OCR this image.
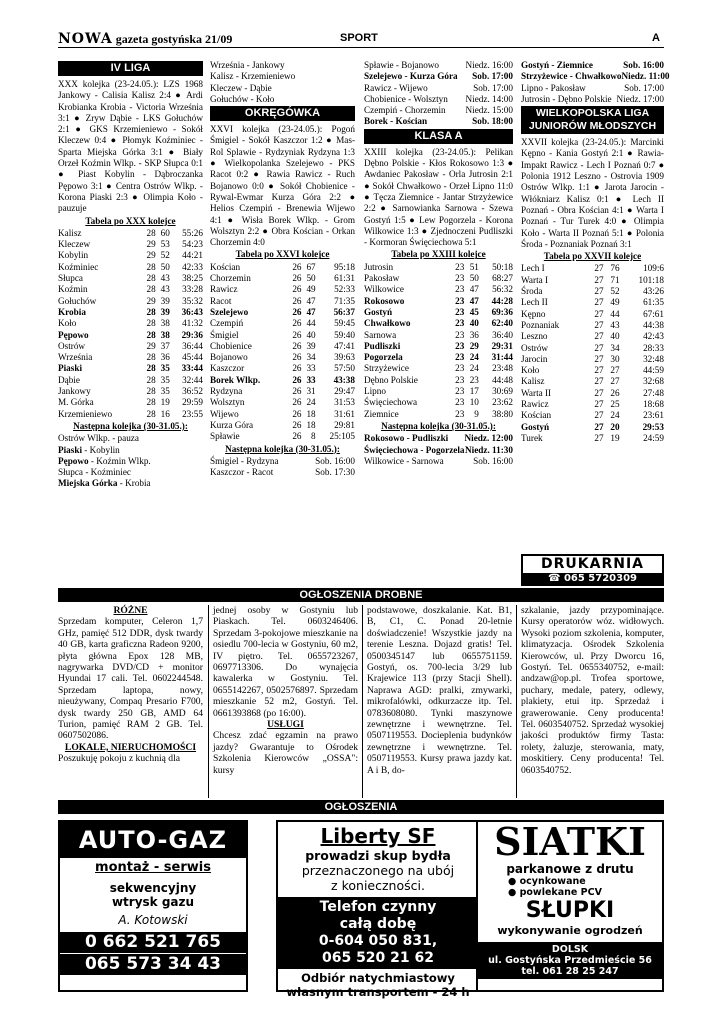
NOWA gazeta gostyńska 21/09	SPORT	A
IV LIGA
XXX kolejka (23-24.05.): LZS 1968 Jankowy - Calisia Kalisz 2:4 ● Ardi Krobianka Krobia - Victoria Września 3:1 ● Zryw Dąbie - LKS Gołuchów 2:1 ● GKS Krzemieniewo - Sokół Kleczew 0:4 ● Płomyk Koźminiec - Sparta Miejska Górka 3:1 ● Biały Orzeł Koźmin Wlkp. - SKP Słupca 0:1 ● Piast Kobylin - Dąbroczanka Pępowo 3:1 ● Centra Ostrów Wlkp. - Korona Piaski 2:3 ● Olimpia Koło - pauzuje
Tabela po XXX kolejce
Kalisz	28	60	55:26
Kleczew	29	53	54:23
Kobylin	29	52	44:21
Koźminiec	28	50	42:33
Słupca	28	43	38:25
Koźmin	28	43	33:28
Gołuchów	29	39	35:32
Krobia	28	39	36:43
Koło	28	38	41:32
Pępowo	28	38	29:36
Ostrów	29	37	36:44
Września	28	36	45:44
Piaski	28	35	33:44
Dąbie	28	35	32:44
Jankowy	28	35	36:52
M. Górka	28	19	29:59
Krzemieniewo	28	16	23:55
Następna kolejka (30-31.05.):
Ostrów Wlkp. - pauza
Piaski - Kobylin
Pępowo - Koźmin Wlkp.
Słupca - Koźminiec
Miejska Górka - Krobia
Września - Jankowy
Kalisz - Krzemieniewo
Kleczew - Dąbie
Gołuchów - Koło
OKRĘGÓWKA
XXVI kolejka (23-24.05.): Pogoń Śmigiel - Sokół Kaszczor 1:2 ● Mas-Rol Splawie - Rydzyniak Rydzyna 1:3 ● Wielkopolanka Szelejewo - PKS Racot 0:2 ● Rawia Rawicz - Ruch Bojanowo 0:0 ● Sokół Chobienice - Rywal-Ewmar Kurza Góra 2:2 ● Helios Czempiń - Brenewia Wijewo 4:1 ● Wisła Borek Wlkp. - Grom Wolsztyn 2:2 ● Obra Kościan - Orkan Chorzemin 4:0
Tabela po XXVI kolejce
Kościan	26	67	95:18
Chorzemin	26	50	61:31
Rawicz	26	49	52:33
Racot	26	47	71:35
Szelejewo	26	47	56:37
Czempiń	26	44	59:45
Śmigiel	26	40	59:40
Chobienice	26	39	47:41
Bojanowo	26	34	39:63
Kaszczor	26	33	57:50
Borek Wlkp.	26	33	43:38
Rydzyna	26	31	29:47
Wolsztyn	26	24	31:53
Wijewo	26	18	31:61
Kurza Góra	26	18	29:81
Spławie	26	8	25:105
Następna kolejka (30-31.05.):
Śmigiel - Rydzyna	Sob. 16:00
Kaszczor - Racot	Sob. 17:30
Spławie - Bojanowo	Niedz. 16:00
Szelejewo - Kurza Góra Sob. 17:00
Rawicz - Wijewo	Sob. 17:00
Chobienice - Wolsztyn Niedz. 14:00
Czempiń - Chorzemin Niedz. 15:00
Borek - Kościan	Sob. 18:00
KLASA A
XXIII kolejka (23-24.05.): Pelikan Dębno Polskie - Kłos Rokosowo 1:3 ● Awdaniec Pakosław - Orla Jutrosin 2:1 ● Sokół Chwałkowo - Orzeł Lipno 11:0 ● Tęcza Ziemnice - Jantar Strzyżewice 2:2 ● Sarnowianka Sarnowa - Szewa Gostyń 1:5 ● Lew Pogorzela - Korona Wilkowice 1:3 ● Zjednoczeni Pudliszki - Kormoran Święciechowa 5:1
Tabela po XXIII kolejce
Jutrosin	23	51	50:18
Pakosław	23	50	68:27
Wilkowice	23	47	56:32
Rokosowo	23	47	44:28
Gostyń	23	45	69:36
Chwałkowo	23	40	62:40
Sarnowa	23	36	36:40
Pudliszki	23	29	29:31
Pogorzela	23	24	31:44
Strzyżewice	23	24	23:48
Dębno Polskie	23	23	44:48
Lipno	23	17	30:69
Święciechowa	23	10	23:62
Ziemnice	23	9	38:80
Następna kolejka (30-31.05.):
Rokosowo - Pudliszki Niedz. 12:00
Święciechowa - Pogorzela Niedz. 11:30
Wilkowice - Sarnowa	Sob. 16:00
Gostyń - Ziemnice	Sob. 16:00
Strzyżewice - Chwałkowo Niedz. 11:00
Lipno - Pakosław	Sob. 17:00
Jutrosin - Dębno Polskie Niedz. 17:00
WIELKOPOLSKA LIGA JUNIORÓW MŁODSZYCH
XXVII kolejka (23-24.05.): Marcinki Kępno - Kania Gostyń 2:1 ● Rawia-Impakt Rawicz - Lech I Poznań 0:7 ● Polonia 1912 Leszno - Ostrovia 1909 Ostrów Wlkp. 1:1 ● Jarota Jarocin - Włókniarz Kalisz 0:1 ● Lech II Poznań - Obra Kościan 4:1 ● Warta I Poznań - Tur Turek 4:0 ● Olimpia Koło - Warta II Poznań 5:1 ● Polonia Środa - Poznaniak Poznań 3:1
Tabela po XXVII kolejce
Lech I	27	76	109:6
Warta I	27	71	101:18
Środa	27	52	43:26
Lech II	27	49	61:35
Kępno	27	44	67:61
Poznaniak	27	43	44:38
Leszno	27	40	42:43
Ostrów	27	34	28:33
Jarocin	27	30	32:48
Koło	27	27	44:59
Kalisz	27	27	32:68
Warta II	27	26	27:48
Rawicz	27	25	18:68
Kościan	27	24	23:61
Gostyń	27	20	29:53
Turek	27	19	24:59
DRUKARNIA
☎ 065 5720309
OGŁOSZENIA DROBNE
RÓŻNE
Sprzedam komputer, Celeron 1,7 GHz, pamięć 512 DDR, dysk twardy 40 GB, karta graficzna Radeon 9200, płyta główna Epox 128 MB, nagrywarka DVD/CD + monitor Hyundai 17 cali. Tel. 0602244548. Sprzedam laptopa, nowy, nieużywany, Compaq Presario F700, dysk twardy 250 GB, AMD 64 Turion, pamięć RAM 2 GB. Tel. 0607502086.
LOKALE, NIERUCHOMOŚCI
Poszukuję pokoju z kuchnią dla
jednej osoby w Gostyniu lub Piaskach. Tel. 0603246406. Sprzedam 3-pokojowe mieszkanie na osiedlu 700-lecia w Gostyniu, 60 m2, IV piętro. Tel. 0655723267, 0697713306. Do wynajęcia kawalerka w Gostyniu. Tel. 0655142267, 0502576897. Sprzedam mieszkanie 52 m2, Gostyń. Tel. 0661393868 (po 16:00).
USŁUGI
Chcesz zdać egzamin na prawo jazdy? Gwarantuje to Ośrodek Szkolenia Kierowców „OSSA": kursy
podstawowe, doszkalanie. Kat. B1, B, C1, C. Ponad 20-letnie doświadczenie! Wszystkie jazdy na terenie Leszna. Dojazd gratis! Tel. 0500345147 lub 0655751159. Gostyń, os. 700-lecia 3/29 lub Krajewice 113 (przy Stacji Shell). Naprawa AGD: pralki, zmywarki, mikrofalówki, odkurzacze itp. Tel. 0783608080. Tynki maszynowe zewnętrzne i wewnętrzne. Tel. 0507119553. Docieplenia budynków zewnętrzne i wewnętrzne. Tel. 0507119553. Kursy prawa jazdy kat. A i B, do-
szkalanie, jazdy przypominające. Kursy operatorów wóz. widłowych. Wysoki poziom szkolenia, komputer, klimatyzacja. Ośrodek Szkolenia Kierowców, ul. Przy Dworcu 16, Gostyń. Tel. 0655340752, e-mail: andzaw@op.pl. Trofea sportowe, puchary, medale, patery, odlewy, plakiety, etui itp. Sprzedaż i grawerowanie. Ceny producenta! Tel. 0603540752. Sprzedaż wysokiej jakości produktów firmy Tasta: rolety, żaluzje, sterowania, maty, moskitiery. Ceny producenta! Tel. 0603540752.
OGŁOSZENIA
AUTO-GAZ
montaż - serwis
sekwencyjny
wtrysk gazu
A. Kotowski
0 662 521 765
065 573 34 43
Liberty SF
prowadzi skup bydła
przeznaczonego na ubój
z konieczności.
Telefon czynny
całą dobę
0-604 050 831,
065 520 21 62
Odbiór natychmiastowy
własnym transportem - 24 h
SIATKI
parkanowe z drutu
● ocynkowane
● powlekane PCV
SŁUPKI
wykonywanie ogrodzeń
DOLSK
ul. Gostyńska Przedmieście 56
tel. 061 28 25 247
